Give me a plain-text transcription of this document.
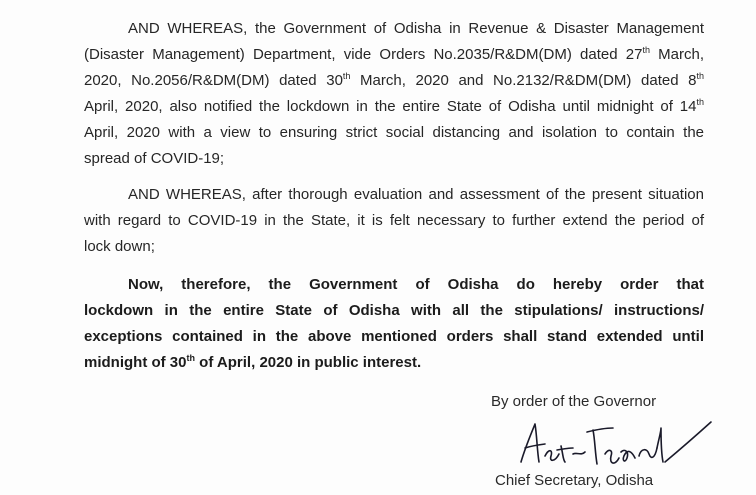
AND WHEREAS, the Government of Odisha in Revenue & Disaster Management
(Disaster Management) Department, vide Orders No.2035/R&DM(DM) dated 27th March,
2020, No.2056/R&DM(DM) dated 30th March, 2020 and No.2132/R&DM(DM) dated 8th
April, 2020, also notified the lockdown in the entire State of Odisha until midnight of 14th
April, 2020 with a view to ensuring strict social distancing and isolation to contain the
spread of COVID-19;
AND WHEREAS, after thorough evaluation and assessment of the present situation
with regard to COVID-19 in the State, it is felt necessary to further extend the period of
lock down;
Now, therefore, the Government of Odisha do hereby order that
lockdown in the entire State of Odisha with all the stipulations/ instructions/
exceptions contained in the above mentioned orders shall stand extended until
midnight of 30th of April, 2020 in public interest.
By order of the Governor
Chief Secretary, Odisha
